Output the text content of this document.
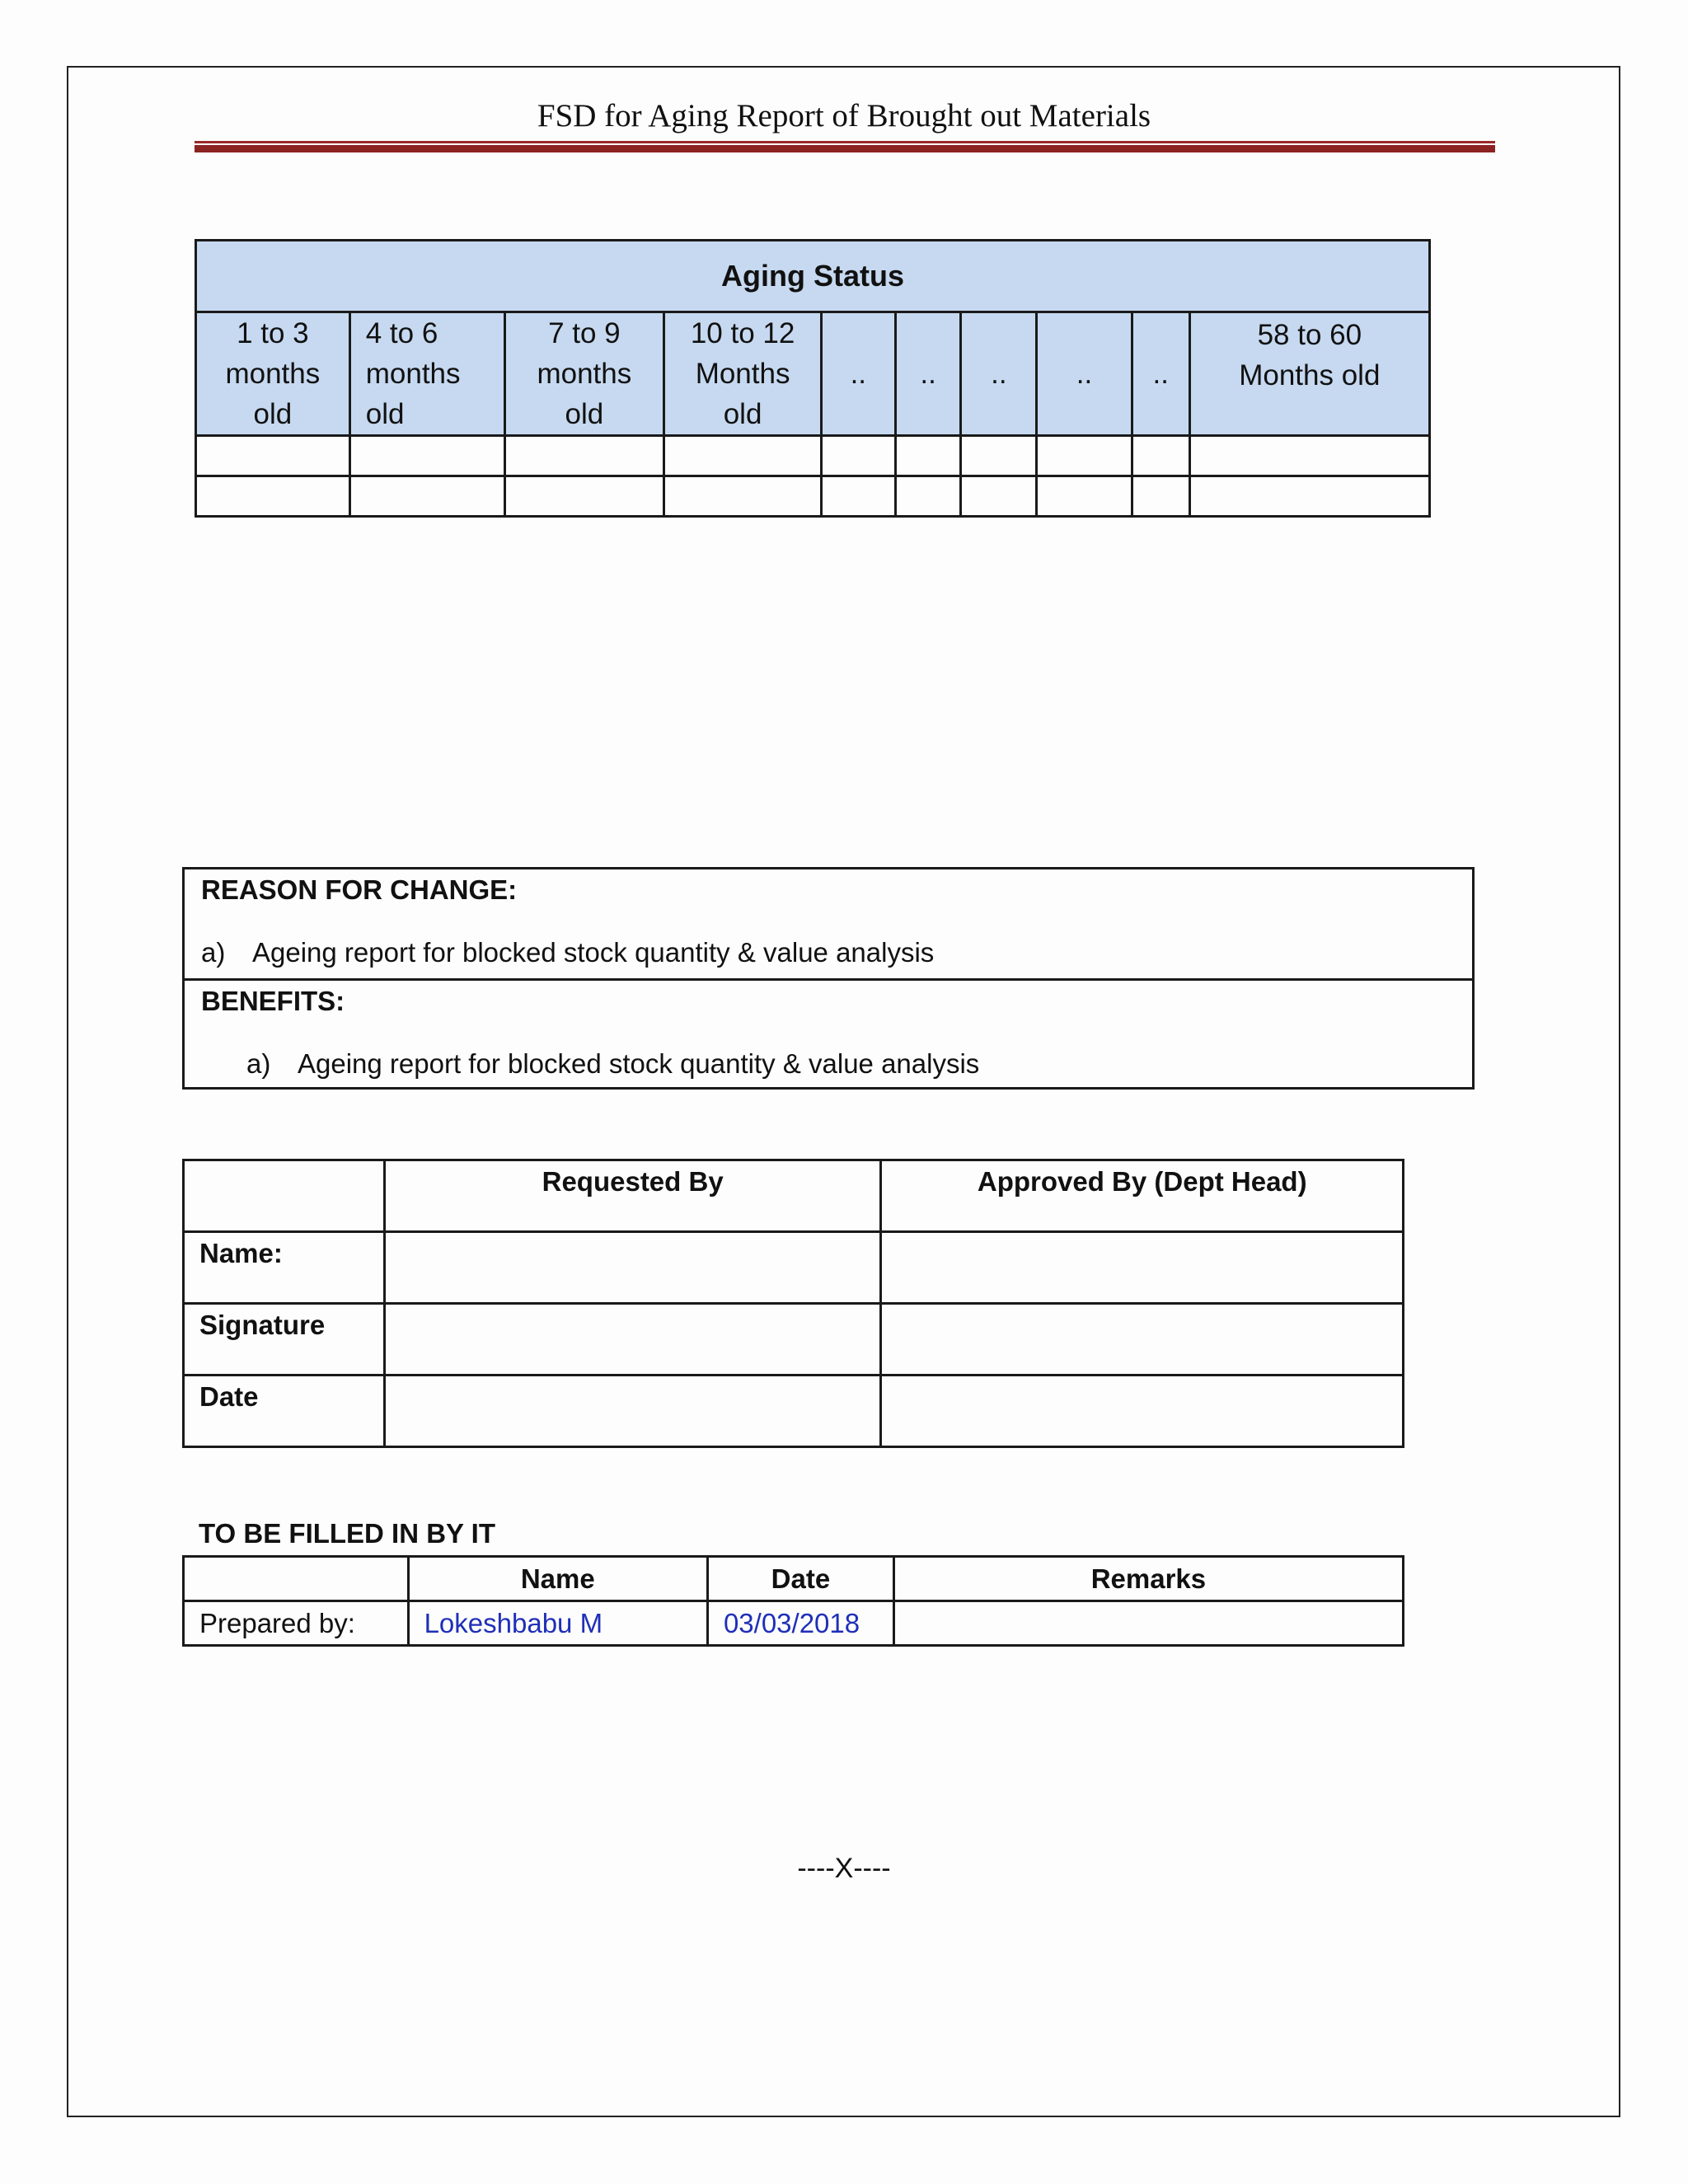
FSD for Aging Report of Brought out Materials
Aging Status									
1 to 3
months
old	4 to 6
months
old	7 to 9
months
old	10 to 12
Months
old	..	..	..	..	..	58 to 60
Months old

REASON FOR CHANGE:
a) Ageing report for blocked stock quantity & value analysis

BENEFITS:
a) Ageing report for blocked stock quantity & value analysis
	Requested By	Approved By (Dept Head)
Name:		
Signature		
Date		
TO BE FILLED IN BY IT
	Name	Date	Remarks
Prepared by:	Lokeshbabu M	03/03/2018	
----X----
